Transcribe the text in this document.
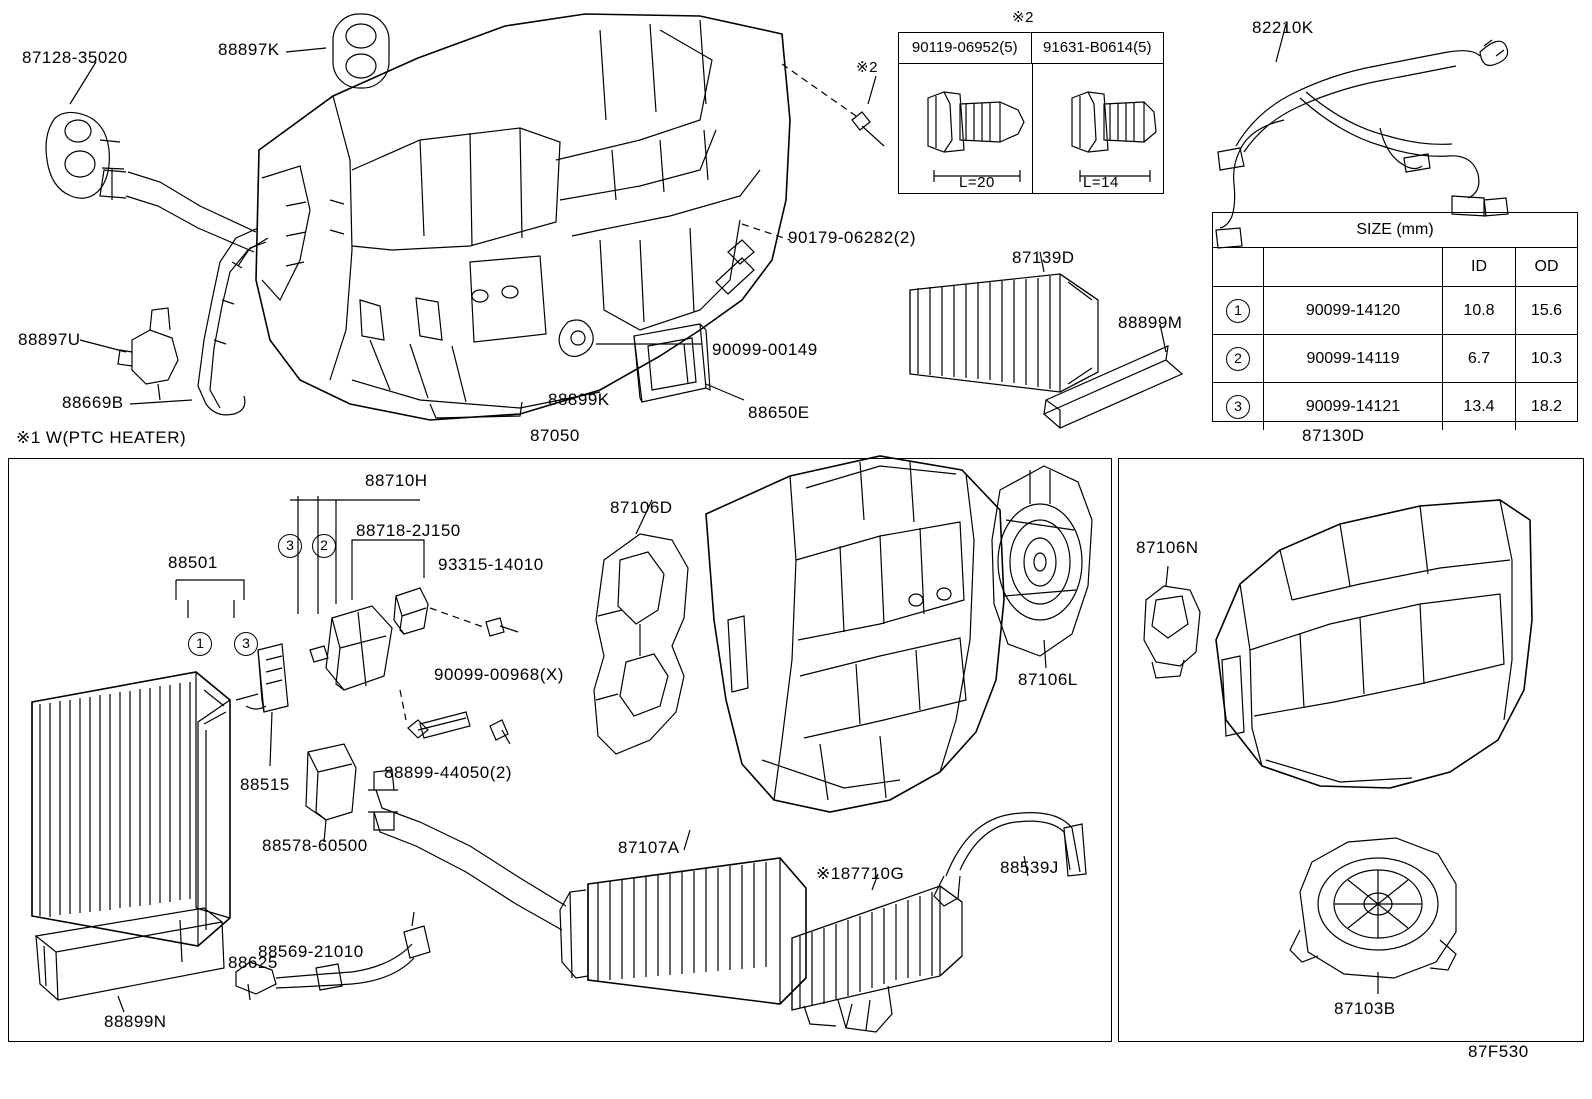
87128-35020	88897K
88897U
88669B
90179-06282(2)
90099-00149
88899K
88650E
87050
87139D
88899M
87130D
82210K
88710H
88718-2J150
93315-14010
88501
88515
88578-60500
88569-21010
88625
88899N
90099-00968(X)
88899-44050(2)
87106D
87106L
87107A
※187710G	88539J
87106N
87103B
※1 W(PTC HEATER)
※2
※2
87F530
3	2
1	3
90119-06952(5)	91631-B0614(5)
L=20	L=14
SIZE (mm)
		ID	OD
1	90099-14120	10.8	15.6
2	90099-14119	6.7	10.3
3	90099-14121	13.4	18.2
